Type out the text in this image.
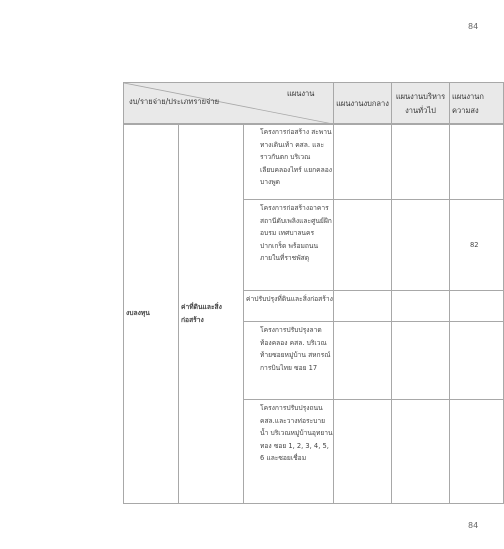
84
แผนงาน
งบ/รายจ่าย/ประเภทรายจ่าย	แผนงานงบกลาง	แผนงานบริหารงานทั่วไป	แผนงานก ความสง
งบลงทุน	ค่าที่ดินและสิ่งก่อสร้าง	โครงการก่อสร้าง สะพานทางเดินเท้า คสล. และราวกันตก บริเวณเลียบคลองไทร์ แยกคลองบางพูด			
		โครงการก่อสร้างอาคาร สถานีดับเพลิงและศูนย์ฝึกอบรม เทศบาลนครปากเกร็ด พร้อมถนนภายในที่ราชพัสดุ			82
		ค่าปรับปรุงที่ดินและสิ่งก่อสร้าง			
		โครงการปรับปรุงลาด ท้องคลอง คสล. บริเวณท้ายซอยหมู่บ้าน สหกรณ์การบินไทย ซอย 17			
		โครงการปรับปรุงถนน คสล.และวางท่อระบายน้ำ บริเวณหมู่บ้านอุทยาน ทอง ซอย 1, 2, 3, 4, 5, 6 และซอยเชื่อม			
84
